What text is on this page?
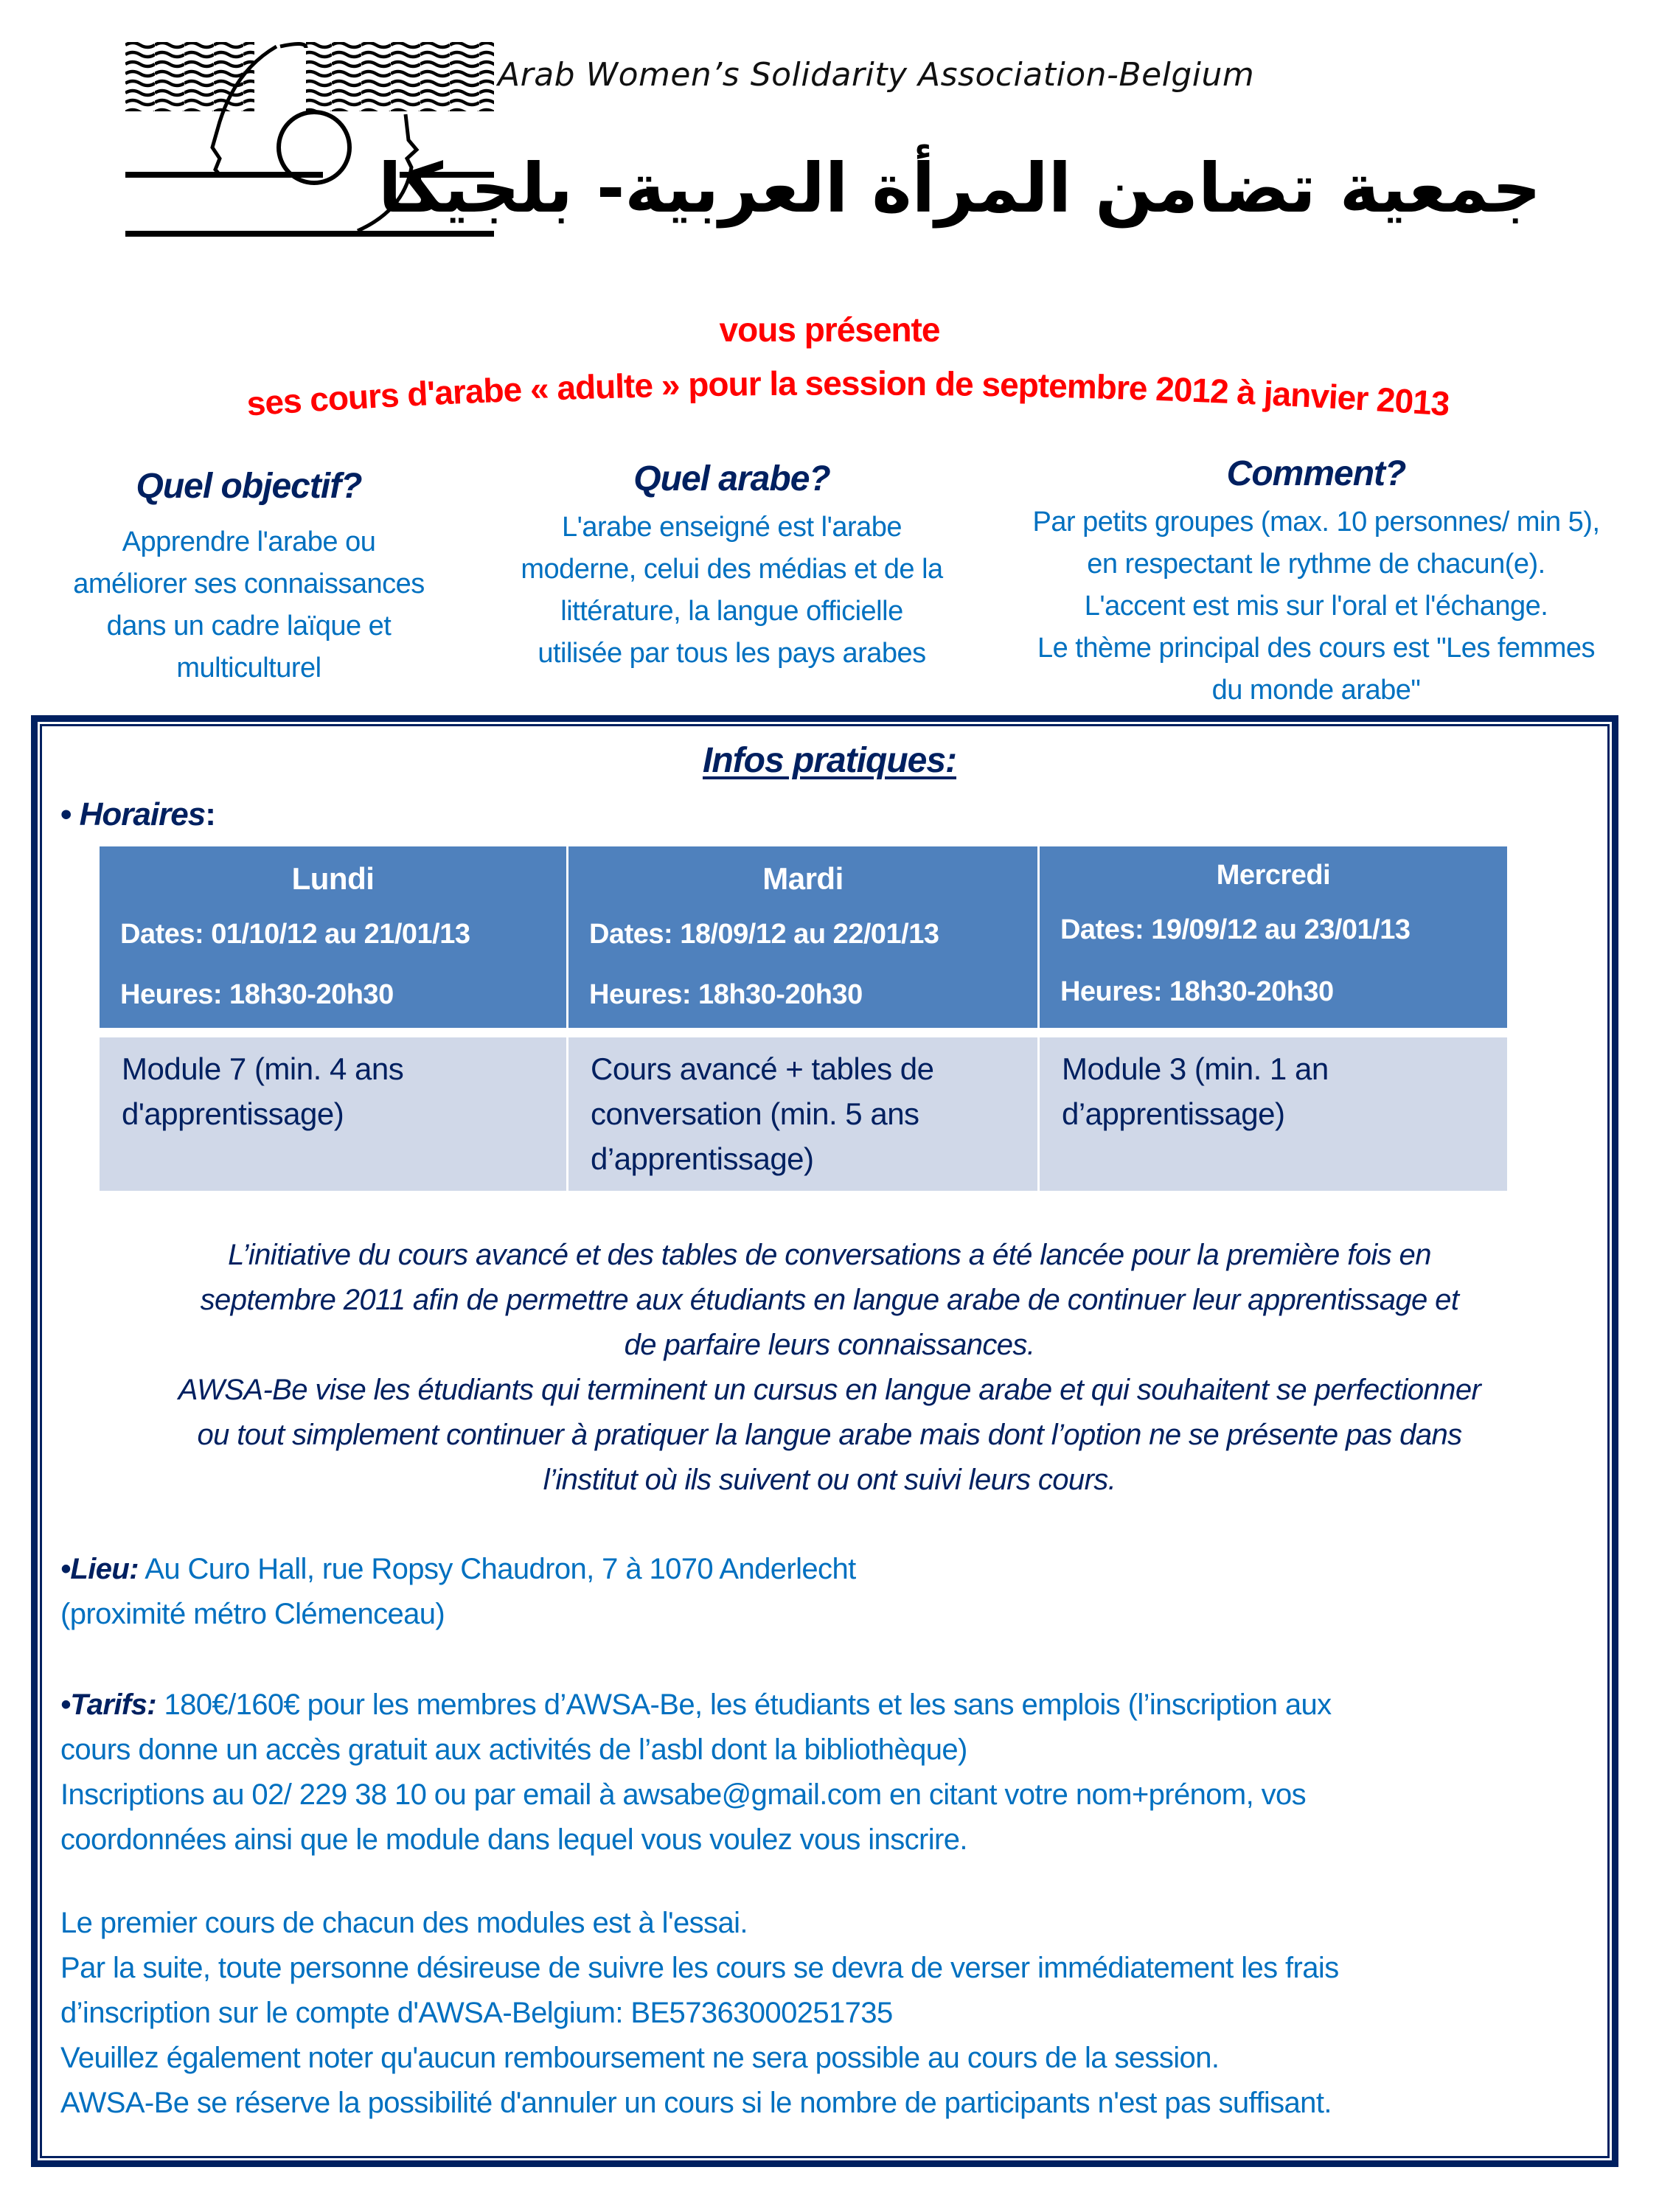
Arab Women’s Solidarity Association-Belgium
جمعية تضامن المرأة العربية- بلجيكا
vous présente
ses cours d'arabe « adulte » pour la session de septembre 2012 à janvier 2013
Quel objectif?

Apprendre l'arabe ou
améliorer ses connaissances
dans un cadre laïque et
multiculturel

Quel arabe?

L'arabe enseigné est l'arabe
moderne, celui des médias et de la
littérature, la langue officielle
utilisée par tous les pays arabes

Comment?

Par petits groupes (max. 10 personnes/ min 5),
en respectant le rythme de chacun(e).
L'accent est mis sur l'oral et l'échange.
Le thème principal des cours est "Les femmes
du monde arabe"

Infos pratiques:
• Horaires:
Lundi
Dates: 01/10/12 au 21/01/13
Heures: 18h30-20h30
Mardi
Dates: 18/09/12 au 22/01/13
Heures: 18h30-20h30
Mercredi
Dates: 19/09/12 au 23/01/13
Heures: 18h30-20h30
Module 7 (min. 4 ans
d'apprentissage)
Cours avancé + tables de
conversation (min. 5 ans
d’apprentissage)
Module 3 (min. 1 an
d’apprentissage)

L’initiative du cours avancé et des tables de conversations a été lancée pour la première fois en

septembre 2011 afin de permettre aux étudiants en langue arabe de continuer leur apprentissage et

de parfaire leurs connaissances.

AWSA-Be vise les étudiants qui terminent un cursus en langue arabe et qui souhaitent se perfectionner

ou tout simplement continuer à pratiquer la langue arabe mais dont l’option ne se présente pas dans

l’institut où ils suivent ou ont suivi leurs cours.

•Lieu: Au Curo Hall, rue Ropsy Chaudron, 7 à 1070 Anderlecht

(proximité métro Clémenceau)

•Tarifs: 180€/160€ pour les membres d’AWSA-Be, les étudiants et les sans emplois (l’inscription aux

cours donne un accès gratuit aux activités de l’asbl dont la bibliothèque)

Inscriptions au 02/ 229 38 10 ou par email à awsabe@gmail.com en citant votre nom+prénom, vos

coordonnées ainsi que le module dans lequel vous voulez vous inscrire.

Le premier cours de chacun des modules est à l'essai.

Par la suite, toute personne désireuse de suivre les cours se devra de verser immédiatement les frais

d’inscription sur le compte d'AWSA-Belgium: BE57363000251735

Veuillez également noter qu'aucun remboursement ne sera possible au cours de la session.

AWSA-Be se réserve la possibilité d'annuler un cours si le nombre de participants n'est pas suffisant.
